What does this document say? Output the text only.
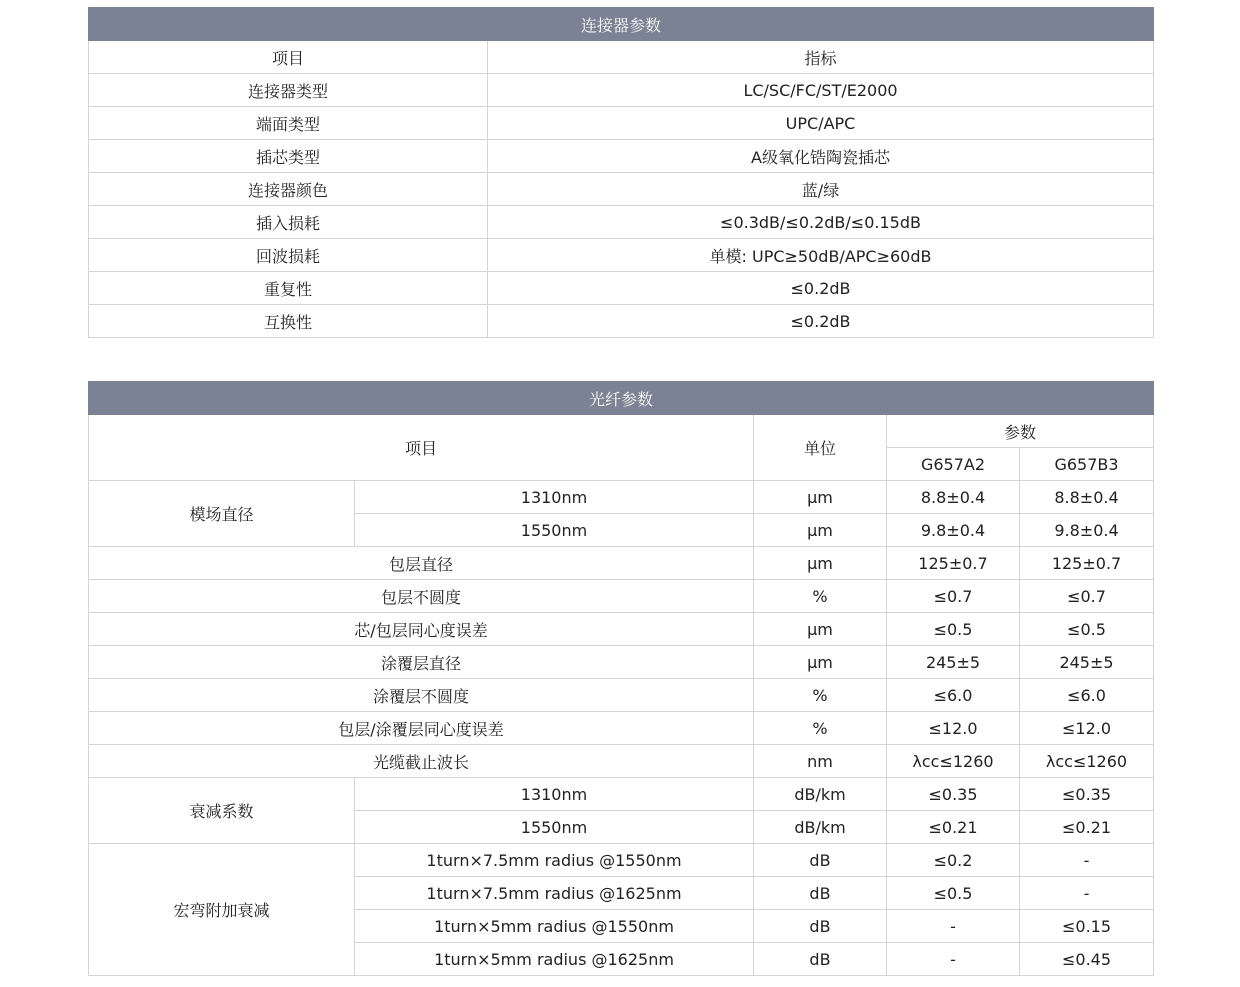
连接器参数	
项目	指标
连接器类型	LC/SC/FC/ST/E2000
端面类型	UPC/APC
插芯类型	A级氧化锆陶瓷插芯
连接器颜色	蓝/绿
插入损耗	≤0.3dB/≤0.2dB/≤0.15dB
回波损耗	单模: UPC≥50dB/APC≥60dB
重复性	≤0.2dB
互换性	≤0.2dB
光纤参数				
项目		单位	参数	
			G657A2	G657B3
模场直径	1310nm	µm	8.8±0.4	8.8±0.4
	1550nm	µm	9.8±0.4	9.8±0.4
包层直径		µm	125±0.7	125±0.7
包层不圆度		%	≤0.7	≤0.7
芯/包层同心度误差		µm	≤0.5	≤0.5
涂覆层直径		µm	245±5	245±5
涂覆层不圆度		%	≤6.0	≤6.0
包层/涂覆层同心度误差		%	≤12.0	≤12.0
光缆截止波长		nm	λcc≤1260	λcc≤1260
衰减系数	1310nm	dB/km	≤0.35	≤0.35
	1550nm	dB/km	≤0.21	≤0.21
宏弯附加衰减	1turn×7.5mm radius @1550nm	dB	≤0.2	-
	1turn×7.5mm radius @1625nm	dB	≤0.5	-
	1turn×5mm radius @1550nm	dB	-	≤0.15
	1turn×5mm radius @1625nm	dB	-	≤0.45
